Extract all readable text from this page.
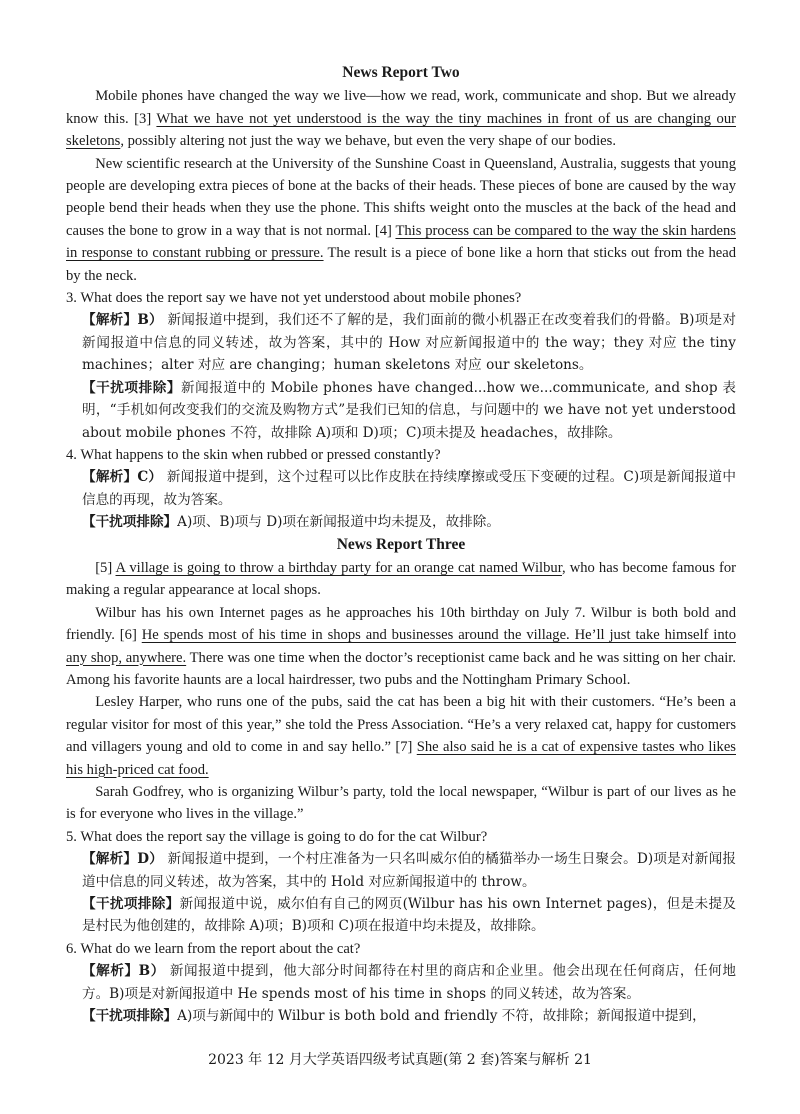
News Report Two

Mobile phones have changed the way we live—how we read, work, communicate and shop. But we already know this. [3] What we have not yet understood is the way the tiny machines in front of us are changing our skeletons, possibly altering not just the way we behave, but even the very shape of our bodies.

New scientific research at the University of the Sunshine Coast in Queensland, Australia, suggests that young people are developing extra pieces of bone at the backs of their heads. These pieces of bone are caused by the way people bend their heads when they use the phone. This shifts weight onto the muscles at the back of the head and causes the bone to grow in a way that is not normal. [4] This process can be compared to the way the skin hardens in response to constant rubbing or pressure. The result is a piece of bone like a horn that sticks out from the head by the neck.

3. What does the report say we have not yet understood about mobile phones?

【解析】B） 新闻报道中提到，我们还不了解的是，我们面前的微小机器正在改变着我们的骨骼。B)项是对新闻报道中信息的同义转述，故为答案，其中的 How 对应新闻报道中的 the way；they 对应 the tiny machines；alter 对应 are changing；human skeletons 对应 our skeletons。

【干扰项排除】新闻报道中的 Mobile phones have changed...how we...communicate, and shop 表明，“手机如何改变我们的交流及购物方式”是我们已知的信息，与问题中的 we have not yet understood about mobile phones 不符，故排除 A)项和 D)项；C)项未提及 headaches，故排除。

4. What happens to the skin when rubbed or pressed constantly?

【解析】C） 新闻报道中提到，这个过程可以比作皮肤在持续摩擦或受压下变硬的过程。C)项是新闻报道中信息的再现，故为答案。

【干扰项排除】A)项、B)项与 D)项在新闻报道中均未提及，故排除。

News Report Three

[5] A village is going to throw a birthday party for an orange cat named Wilbur, who has become famous for making a regular appearance at local shops.

Wilbur has his own Internet pages as he approaches his 10th birthday on July 7. Wilbur is both bold and friendly. [6] He spends most of his time in shops and businesses around the village. He’ll just take himself into any shop, anywhere. There was one time when the doctor’s receptionist came back and he was sitting on her chair. Among his favorite haunts are a local hairdresser, two pubs and the Nottingham Primary School.

Lesley Harper, who runs one of the pubs, said the cat has been a big hit with their customers. “He’s been a regular visitor for most of this year,” she told the Press Association. “He’s a very relaxed cat, happy for customers and villagers young and old to come in and say hello.” [7] She also said he is a cat of expensive tastes who likes his high-priced cat food.

Sarah Godfrey, who is organizing Wilbur’s party, told the local newspaper, “Wilbur is part of our lives as he is for everyone who lives in the village.”

5. What does the report say the village is going to do for the cat Wilbur?

【解析】D） 新闻报道中提到，一个村庄准备为一只名叫威尔伯的橘猫举办一场生日聚会。D)项是对新闻报道中信息的同义转述，故为答案，其中的 Hold 对应新闻报道中的 throw。

【干扰项排除】新闻报道中说，威尔伯有自己的网页(Wilbur has his own Internet pages)，但是未提及是村民为他创建的，故排除 A)项；B)项和 C)项在报道中均未提及，故排除。

6. What do we learn from the report about the cat?

【解析】B） 新闻报道中提到，他大部分时间都待在村里的商店和企业里。他会出现在任何商店，任何地方。B)项是对新闻报道中 He spends most of his time in shops 的同义转述，故为答案。

【干扰项排除】A)项与新闻中的 Wilbur is both bold and friendly 不符，故排除；新闻报道中提到，

2023 年 12 月大学英语四级考试真题(第 2 套)答案与解析 21
